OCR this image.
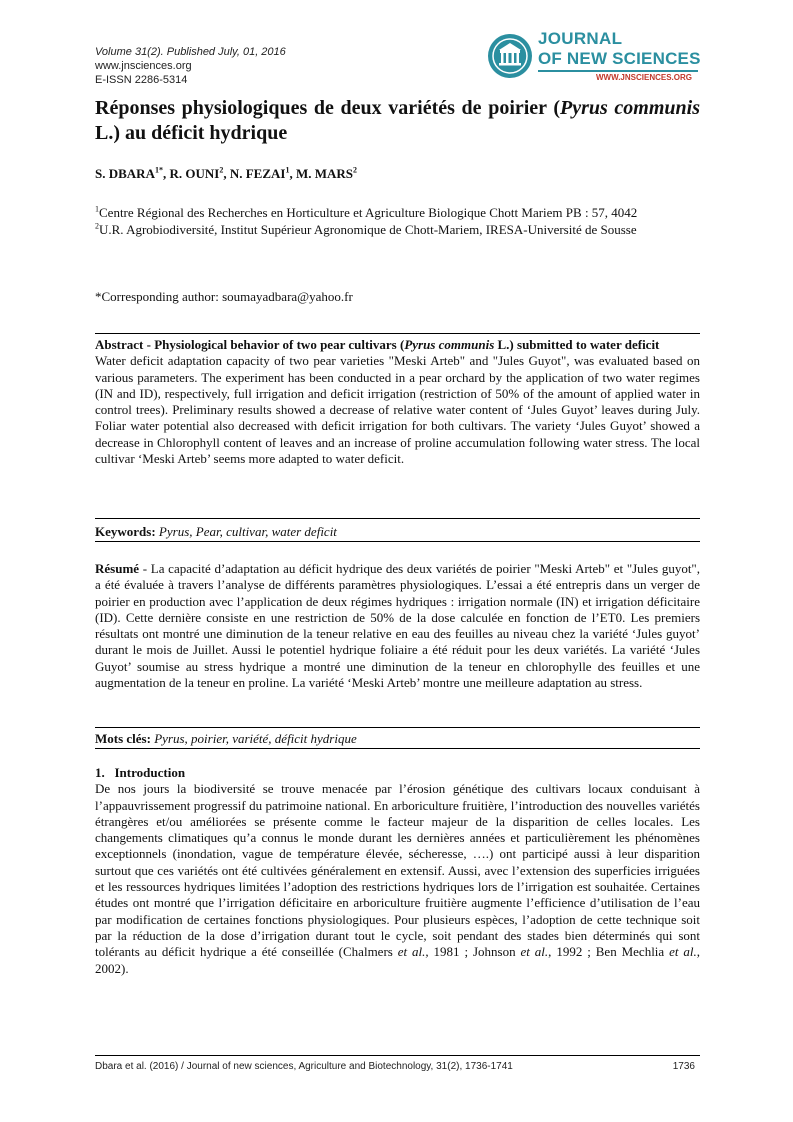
Volume 31(2). Published July, 01, 2016
www.jnsciences.org
E-ISSN 2286-5314
JOURNAL
OF NEW SCIENCES
WWW.JNSCIENCES.ORG
Réponses physiologiques de deux variétés de poirier (Pyrus communis L.) au déficit hydrique
S. $DBARA^{1*}$, R. OUNI$^2$, N. FEZAI$^1$, M. MARS$^2$

$^1$Centre Régional des Recherches en Horticulture et Agriculture Biologique Chott Mariem PB : 57, 4042

$^2$U.R. Agrobiodiversité, Institut Supérieur Agronomique de Chott-Mariem, IRESA-Université de Sousse

*Corresponding author: soumayadbara@yahoo.fr
Abstract - Physiological behavior of two pear cultivars (Pyrus communis L.) submitted to water deficit
Water deficit adaptation capacity of two pear varieties "Meski Arteb" and "Jules Guyot", was evaluated based on various parameters. The experiment has been conducted in a pear orchard by the application of two water regimes (IN and ID), respectively, full irrigation and deficit irrigation (restriction of 50% of the amount of applied water in control trees). Preliminary results showed a decrease of relative water content of ‘Jules Guyot’ leaves during July. Foliar water potential also decreased with deficit irrigation for both cultivars. The variety ‘Jules Guyot’ showed a decrease in Chlorophyll content of leaves and an increase of proline accumulation following water stress. The local cultivar ‘Meski Arteb’ seems more adapted to water deficit.
Keywords: Pyrus, Pear, cultivar, water deficit
Résumé - La capacité d’adaptation au déficit hydrique des deux variétés de poirier "Meski Arteb" et "Jules guyot", a été évaluée à travers l’analyse de différents paramètres physiologiques. L’essai a été entrepris dans un verger de poirier en production avec l’application de deux régimes hydriques : irrigation normale (IN) et irrigation déficitaire (ID). Cette dernière consiste en une restriction de 50% de la dose calculée en fonction de l’ET0. Les premiers résultats ont montré une diminution de la teneur relative en eau des feuilles au niveau chez la variété ‘Jules guyot’ durant le mois de Juillet. Aussi le potentiel hydrique foliaire a été réduit pour les deux variétés. La variété ‘Jules Guyot’ soumise au stress hydrique a montré une diminution de la teneur en chlorophylle des feuilles et une augmentation de la teneur en proline. La variété ‘Meski Arteb’ montre une meilleure adaptation au stress.
Mots clés: Pyrus, poirier, variété, déficit hydrique
1.   Introduction
De nos jours la biodiversité se trouve menacée par l’érosion génétique des cultivars locaux conduisant à l’appauvrissement progressif du patrimoine national. En arboriculture fruitière, l’introduction des nouvelles variétés étrangères et/ou améliorées se présente comme le facteur majeur de la disparition de celles locales. Les changements climatiques qu’a connus le monde durant les dernières années et particulièrement les phénomènes exceptionnels (inondation, vague de température élevée, sécheresse, ….) ont participé aussi à leur disparition surtout que ces variétés ont été cultivées généralement en extensif. Aussi, avec l’extension des superficies irriguées et les ressources hydriques limitées l’adoption des restrictions hydriques lors de l’irrigation est souhaitée. Certaines études ont montré que l’irrigation déficitaire en arboriculture fruitière augmente l’efficience d’utilisation de l’eau par modification de certaines fonctions physiologiques. Pour plusieurs espèces, l’adoption de cette technique soit par la réduction de la dose d’irrigation durant tout le cycle, soit pendant des stades bien déterminés qui sont tolérants au déficit hydrique a été conseillée (Chalmers et al., 1981 ; Johnson et al., 1992 ; Ben Mechlia et al., 2002).
Dbara et al. (2016) / Journal of new sciences, Agriculture and Biotechnology, 31(2), 1736-1741	1736
